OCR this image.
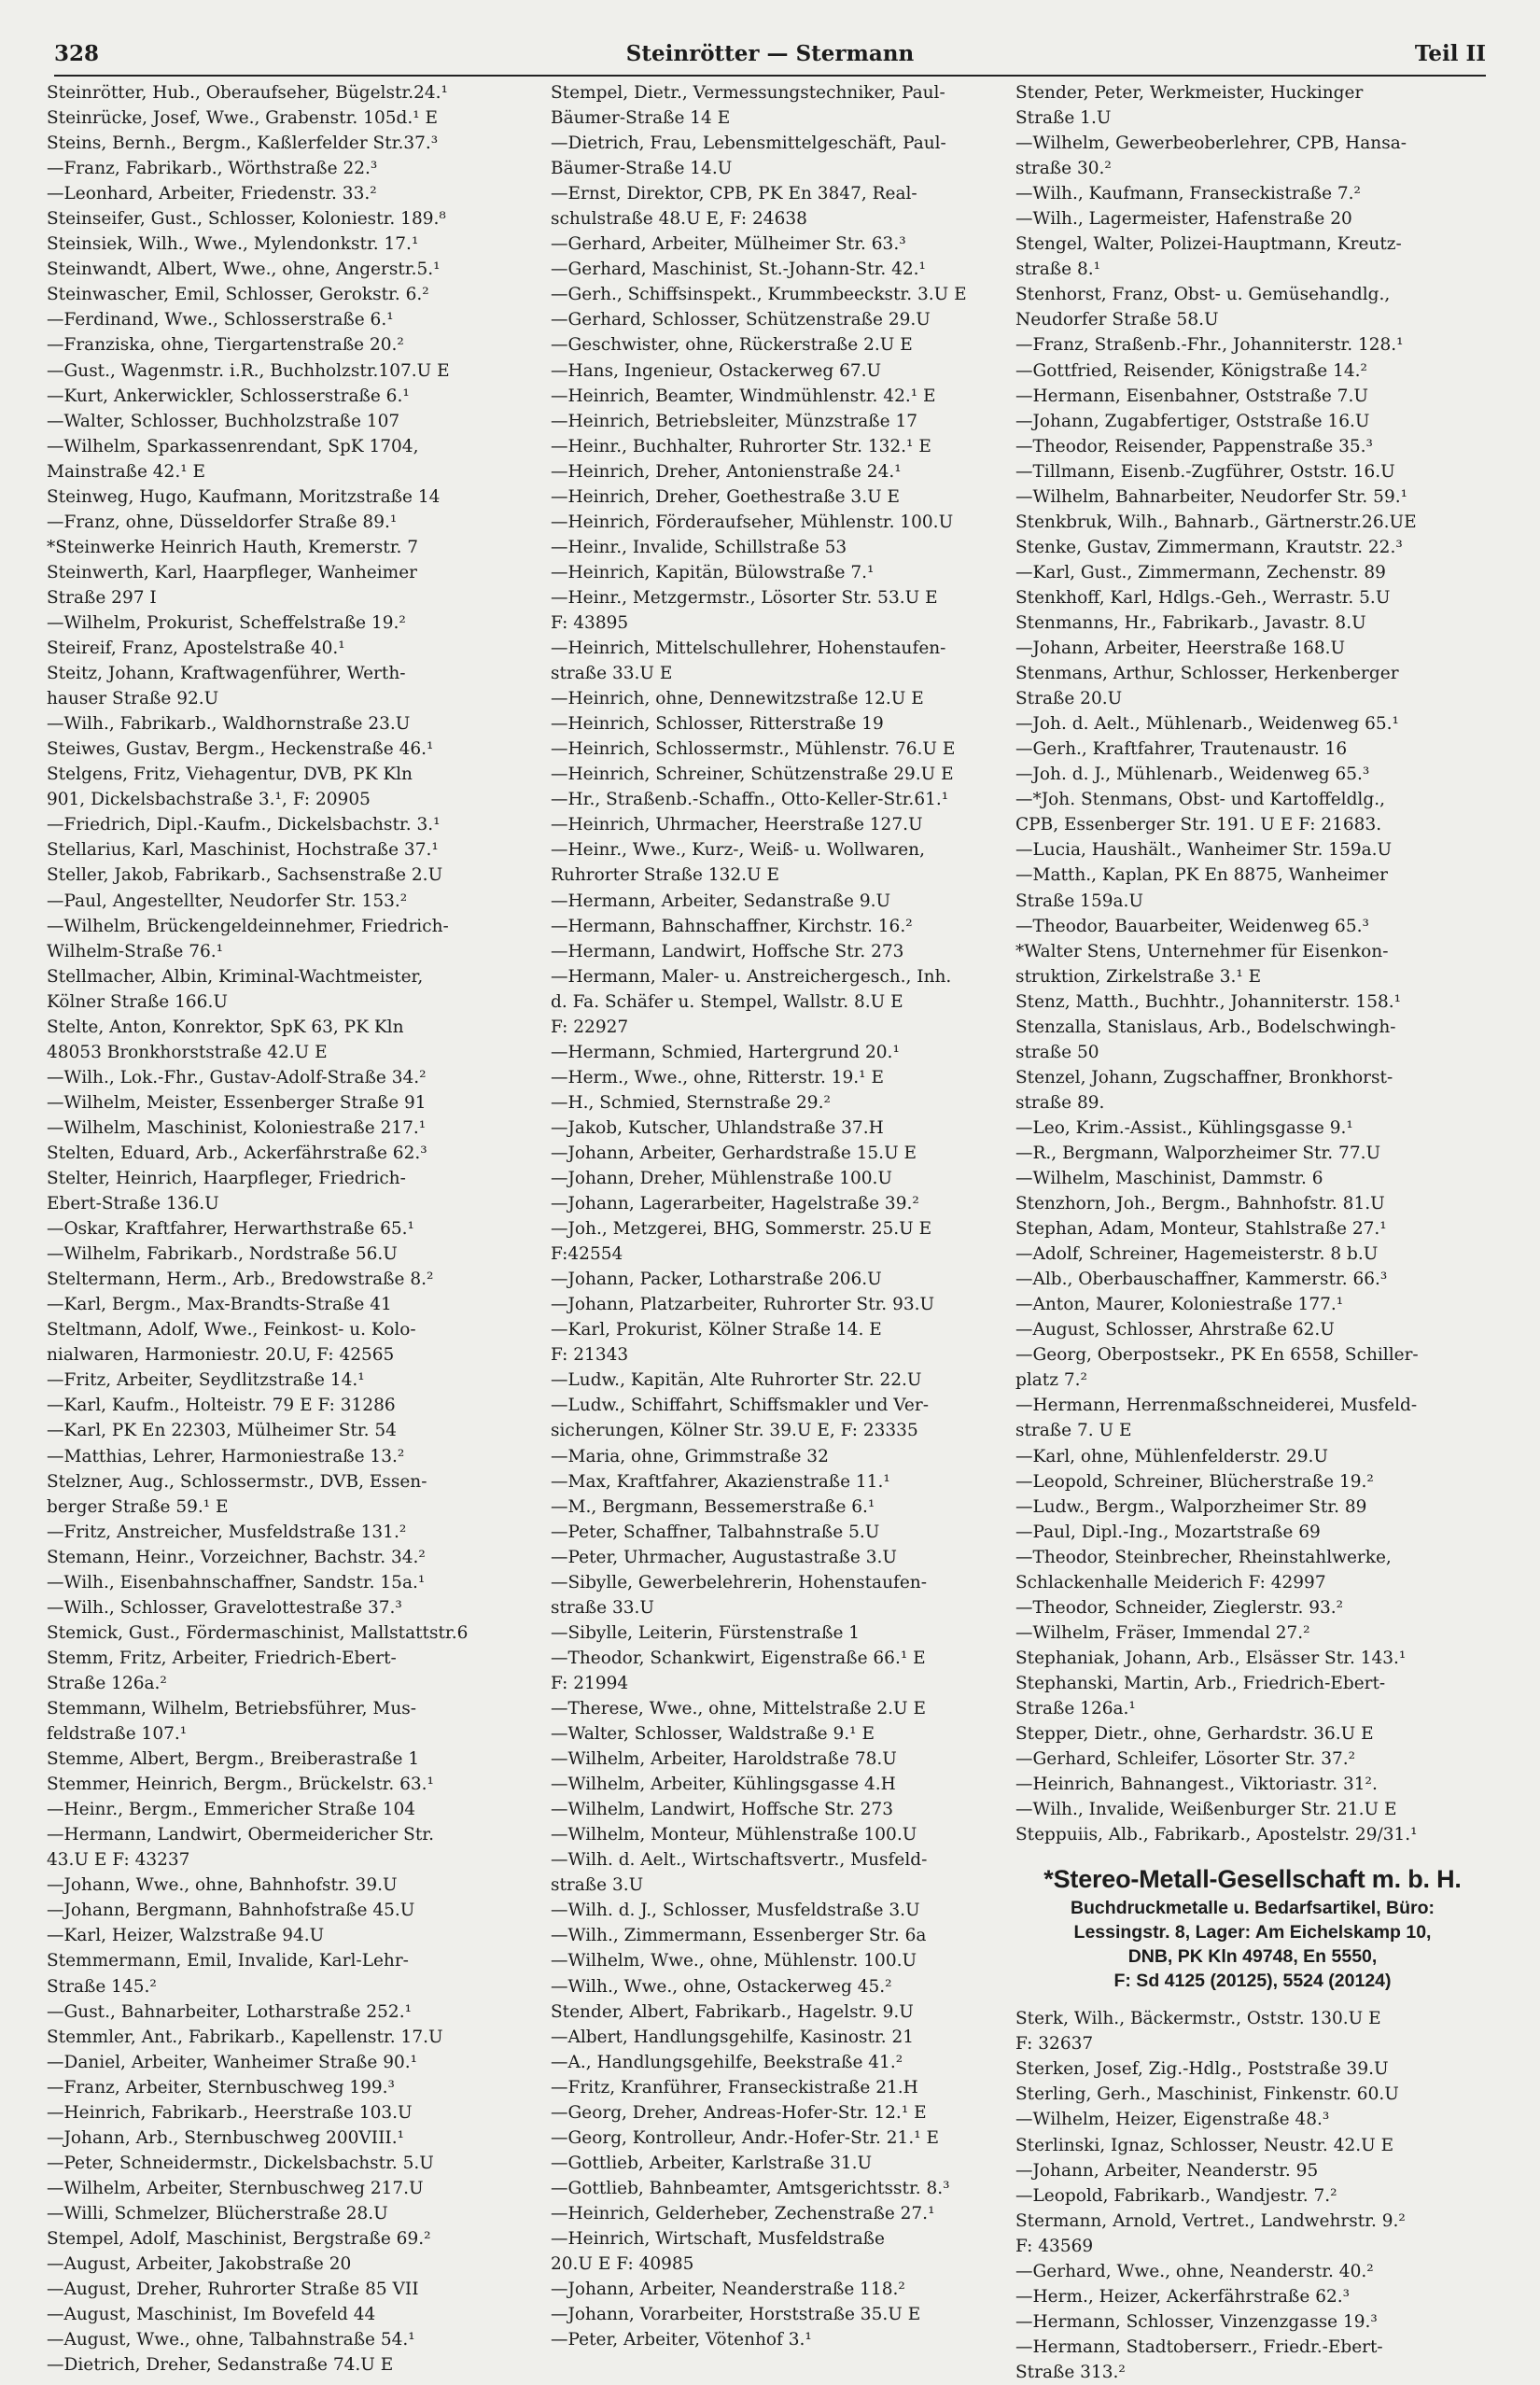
328	Steinrötter — Stermann	Teil II
Steinrötter, Hub., Oberaufseher, Bügelstr.24.¹
Steinrücke, Josef, Wwe., Grabenstr. 105d.¹ E
Steins, Bernh., Bergm., Kaßlerfelder Str.37.³
—Franz, Fabrikarb., Wörthstraße 22.³
—Leonhard, Arbeiter, Friedenstr. 33.²
Steinseifer, Gust., Schlosser, Koloniestr. 189.⁸
Steinsiek, Wilh., Wwe., Mylendonkstr. 17.¹
Steinwandt, Albert, Wwe., ohne, Angerstr.5.¹
Steinwascher, Emil, Schlosser, Gerokstr. 6.²
—Ferdinand, Wwe., Schlosserstraße 6.¹
—Franziska, ohne, Tiergartenstraße 20.²
—Gust., Wagenmstr. i.R., Buchholzstr.107.U E
—Kurt, Ankerwickler, Schlosserstraße 6.¹
—Walter, Schlosser, Buchholzstraße 107
—Wilhelm, Sparkassenrendant, SpK 1704,
Mainstraße 42.¹ E
Steinweg, Hugo, Kaufmann, Moritzstraße 14
—Franz, ohne, Düsseldorfer Straße 89.¹
*Steinwerke Heinrich Hauth, Kremerstr. 7
Steinwerth, Karl, Haarpfleger, Wanheimer
Straße 297 I
—Wilhelm, Prokurist, Scheffelstraße 19.²
Steireif, Franz, Apostelstraße 40.¹
Steitz, Johann, Kraftwagenführer, Werth-
hauser Straße 92.U
—Wilh., Fabrikarb., Waldhornstraße 23.U
Steiwes, Gustav, Bergm., Heckenstraße 46.¹
Stelgens, Fritz, Viehagentur, DVB, PK Kln
901, Dickelsbachstraße 3.¹, F: 20905
—Friedrich, Dipl.-Kaufm., Dickelsbachstr. 3.¹
Stellarius, Karl, Maschinist, Hochstraße 37.¹
Steller, Jakob, Fabrikarb., Sachsenstraße 2.U
—Paul, Angestellter, Neudorfer Str. 153.²
—Wilhelm, Brückengeldeinnehmer, Friedrich-
Wilhelm-Straße 76.¹
Stellmacher, Albin, Kriminal-Wachtmeister,
Kölner Straße 166.U
Stelte, Anton, Konrektor, SpK 63, PK Kln
48053 Bronkhorststraße 42.U E
—Wilh., Lok.-Fhr., Gustav-Adolf-Straße 34.²
—Wilhelm, Meister, Essenberger Straße 91
—Wilhelm, Maschinist, Koloniestraße 217.¹
Stelten, Eduard, Arb., Ackerfährstraße 62.³
Stelter, Heinrich, Haarpfleger, Friedrich-
Ebert-Straße 136.U
—Oskar, Kraftfahrer, Herwarthstraße 65.¹
—Wilhelm, Fabrikarb., Nordstraße 56.U
Steltermann, Herm., Arb., Bredowstraße 8.²
—Karl, Bergm., Max-Brandts-Straße 41
Steltmann, Adolf, Wwe., Feinkost- u. Kolo-
nialwaren, Harmoniestr. 20.U, F: 42565
—Fritz, Arbeiter, Seydlitzstraße 14.¹
—Karl, Kaufm., Holteistr. 79 E F: 31286
—Karl, PK En 22303, Mülheimer Str. 54
—Matthias, Lehrer, Harmoniestraße 13.²
Stelzner, Aug., Schlossermstr., DVB, Essen-
berger Straße 59.¹ E
—Fritz, Anstreicher, Musfeldstraße 131.²
Stemann, Heinr., Vorzeichner, Bachstr. 34.²
—Wilh., Eisenbahnschaffner, Sandstr. 15a.¹
—Wilh., Schlosser, Gravelottestraße 37.³
Stemick, Gust., Fördermaschinist, Mallstattstr.6
Stemm, Fritz, Arbeiter, Friedrich-Ebert-
Straße 126a.²
Stemmann, Wilhelm, Betriebsführer, Mus-
feldstraße 107.¹
Stemme, Albert, Bergm., Breiberastraße 1
Stemmer, Heinrich, Bergm., Brückelstr. 63.¹
—Heinr., Bergm., Emmericher Straße 104
—Hermann, Landwirt, Obermeidericher Str.
43.U E F: 43237
—Johann, Wwe., ohne, Bahnhofstr. 39.U
—Johann, Bergmann, Bahnhofstraße 45.U
—Karl, Heizer, Walzstraße 94.U
Stemmermann, Emil, Invalide, Karl-Lehr-
Straße 145.²
—Gust., Bahnarbeiter, Lotharstraße 252.¹
Stemmler, Ant., Fabrikarb., Kapellenstr. 17.U
—Daniel, Arbeiter, Wanheimer Straße 90.¹
—Franz, Arbeiter, Sternbuschweg 199.³
—Heinrich, Fabrikarb., Heerstraße 103.U
—Johann, Arb., Sternbuschweg 200VIII.¹
—Peter, Schneidermstr., Dickelsbachstr. 5.U
—Wilhelm, Arbeiter, Sternbuschweg 217.U
—Willi, Schmelzer, Blücherstraße 28.U
Stempel, Adolf, Maschinist, Bergstraße 69.²
—August, Arbeiter, Jakobstraße 20
—August, Dreher, Ruhrorter Straße 85 VII
—August, Maschinist, Im Bovefeld 44
—August, Wwe., ohne, Talbahnstraße 54.¹
—Dietrich, Dreher, Sedanstraße 74.U E
Stempel, Dietr., Vermessungstechniker, Paul-
Bäumer-Straße 14 E
—Dietrich, Frau, Lebensmittelgeschäft, Paul-
Bäumer-Straße 14.U
—Ernst, Direktor, CPB, PK En 3847, Real-
schulstraße 48.U E, F: 24638
—Gerhard, Arbeiter, Mülheimer Str. 63.³
—Gerhard, Maschinist, St.-Johann-Str. 42.¹
—Gerh., Schiffsinspekt., Krummbeeckstr. 3.U E
—Gerhard, Schlosser, Schützenstraße 29.U
—Geschwister, ohne, Rückerstraße 2.U E
—Hans, Ingenieur, Ostackerweg 67.U
—Heinrich, Beamter, Windmühlenstr. 42.¹ E
—Heinrich, Betriebsleiter, Münzstraße 17
—Heinr., Buchhalter, Ruhrorter Str. 132.¹ E
—Heinrich, Dreher, Antonienstraße 24.¹
—Heinrich, Dreher, Goethestraße 3.U E
—Heinrich, Förderaufseher, Mühlenstr. 100.U
—Heinr., Invalide, Schillstraße 53
—Heinrich, Kapitän, Bülowstraße 7.¹
—Heinr., Metzgermstr., Lösorter Str. 53.U E
F: 43895
—Heinrich, Mittelschullehrer, Hohenstaufen-
straße 33.U E
—Heinrich, ohne, Dennewitzstraße 12.U E
—Heinrich, Schlosser, Ritterstraße 19
—Heinrich, Schlossermstr., Mühlenstr. 76.U E
—Heinrich, Schreiner, Schützenstraße 29.U E
—Hr., Straßenb.-Schaffn., Otto-Keller-Str.61.¹
—Heinrich, Uhrmacher, Heerstraße 127.U
—Heinr., Wwe., Kurz-, Weiß- u. Wollwaren,
Ruhrorter Straße 132.U E
—Hermann, Arbeiter, Sedanstraße 9.U
—Hermann, Bahnschaffner, Kirchstr. 16.²
—Hermann, Landwirt, Hoffsche Str. 273
—Hermann, Maler- u. Anstreichergesch., Inh.
d. Fa. Schäfer u. Stempel, Wallstr. 8.U E
F: 22927
—Hermann, Schmied, Hartergrund 20.¹
—Herm., Wwe., ohne, Ritterstr. 19.¹ E
—H., Schmied, Sternstraße 29.²
—Jakob, Kutscher, Uhlandstraße 37.H
—Johann, Arbeiter, Gerhardstraße 15.U E
—Johann, Dreher, Mühlenstraße 100.U
—Johann, Lagerarbeiter, Hagelstraße 39.²
—Joh., Metzgerei, BHG, Sommerstr. 25.U E
F:42554
—Johann, Packer, Lotharstraße 206.U
—Johann, Platzarbeiter, Ruhrorter Str. 93.U
—Karl, Prokurist, Kölner Straße 14. E
F: 21343
—Ludw., Kapitän, Alte Ruhrorter Str. 22.U
—Ludw., Schiffahrt, Schiffsmakler und Ver-
sicherungen, Kölner Str. 39.U E, F: 23335
—Maria, ohne, Grimmstraße 32
—Max, Kraftfahrer, Akazienstraße 11.¹
—M., Bergmann, Bessemerstraße 6.¹
—Peter, Schaffner, Talbahnstraße 5.U
—Peter, Uhrmacher, Augustastraße 3.U
—Sibylle, Gewerbelehrerin, Hohenstaufen-
straße 33.U
—Sibylle, Leiterin, Fürstenstraße 1
—Theodor, Schankwirt, Eigenstraße 66.¹ E
F: 21994
—Therese, Wwe., ohne, Mittelstraße 2.U E
—Walter, Schlosser, Waldstraße 9.¹ E
—Wilhelm, Arbeiter, Haroldstraße 78.U
—Wilhelm, Arbeiter, Kühlingsgasse 4.H
—Wilhelm, Landwirt, Hoffsche Str. 273
—Wilhelm, Monteur, Mühlenstraße 100.U
—Wilh. d. Aelt., Wirtschaftsvertr., Musfeld-
straße 3.U
—Wilh. d. J., Schlosser, Musfeldstraße 3.U
—Wilh., Zimmermann, Essenberger Str. 6a
—Wilhelm, Wwe., ohne, Mühlenstr. 100.U
—Wilh., Wwe., ohne, Ostackerweg 45.²
Stender, Albert, Fabrikarb., Hagelstr. 9.U
—Albert, Handlungsgehilfe, Kasinostr. 21
—A., Handlungsgehilfe, Beekstraße 41.²
—Fritz, Kranführer, Franseckistraße 21.H
—Georg, Dreher, Andreas-Hofer-Str. 12.¹ E
—Georg, Kontrolleur, Andr.-Hofer-Str. 21.¹ E
—Gottlieb, Arbeiter, Karlstraße 31.U
—Gottlieb, Bahnbeamter, Amtsgerichtsstr. 8.³
—Heinrich, Gelderheber, Zechenstraße 27.¹
—Heinrich, Wirtschaft, Musfeldstraße
20.U E F: 40985
—Johann, Arbeiter, Neanderstraße 118.²
—Johann, Vorarbeiter, Horststraße 35.U E
—Peter, Arbeiter, Vötenhof 3.¹
Stender, Peter, Werkmeister, Huckinger
Straße 1.U
—Wilhelm, Gewerbeoberlehrer, CPB, Hansa-
straße 30.²
—Wilh., Kaufmann, Franseckistraße 7.²
—Wilh., Lagermeister, Hafenstraße 20
Stengel, Walter, Polizei-Hauptmann, Kreutz-
straße 8.¹
Stenhorst, Franz, Obst- u. Gemüsehandlg.,
Neudorfer Straße 58.U
—Franz, Straßenb.-Fhr., Johanniterstr. 128.¹
—Gottfried, Reisender, Königstraße 14.²
—Hermann, Eisenbahner, Oststraße 7.U
—Johann, Zugabfertiger, Oststraße 16.U
—Theodor, Reisender, Pappenstraße 35.³
—Tillmann, Eisenb.-Zugführer, Oststr. 16.U
—Wilhelm, Bahnarbeiter, Neudorfer Str. 59.¹
Stenkbruk, Wilh., Bahnarb., Gärtnerstr.26.UE
Stenke, Gustav, Zimmermann, Krautstr. 22.³
—Karl, Gust., Zimmermann, Zechenstr. 89
Stenkhoff, Karl, Hdlgs.-Geh., Werrastr. 5.U
Stenmanns, Hr., Fabrikarb., Javastr. 8.U
—Johann, Arbeiter, Heerstraße 168.U
Stenmans, Arthur, Schlosser, Herkenberger
Straße 20.U
—Joh. d. Aelt., Mühlenarb., Weidenweg 65.¹
—Gerh., Kraftfahrer, Trautenaustr. 16
—Joh. d. J., Mühlenarb., Weidenweg 65.³
—*Joh. Stenmans, Obst- und Kartoffeldlg.,
CPB, Essenberger Str. 191. U E F: 21683.
—Lucia, Haushält., Wanheimer Str. 159a.U
—Matth., Kaplan, PK En 8875, Wanheimer
Straße 159a.U
—Theodor, Bauarbeiter, Weidenweg 65.³
*Walter Stens, Unternehmer für Eisenkon-
struktion, Zirkelstraße 3.¹ E
Stenz, Matth., Buchhtr., Johanniterstr. 158.¹
Stenzalla, Stanislaus, Arb., Bodelschwingh-
straße 50
Stenzel, Johann, Zugschaffner, Bronkhorst-
straße 89.
—Leo, Krim.-Assist., Kühlingsgasse 9.¹
—R., Bergmann, Walporzheimer Str. 77.U
—Wilhelm, Maschinist, Dammstr. 6
Stenzhorn, Joh., Bergm., Bahnhofstr. 81.U
Stephan, Adam, Monteur, Stahlstraße 27.¹
—Adolf, Schreiner, Hagemeisterstr. 8 b.U
—Alb., Oberbauschaffner, Kammerstr. 66.³
—Anton, Maurer, Koloniestraße 177.¹
—August, Schlosser, Ahrstraße 62.U
—Georg, Oberpostsekr., PK En 6558, Schiller-
platz 7.²
—Hermann, Herrenmaßschneiderei, Musfeld-
straße 7. U E
—Karl, ohne, Mühlenfelderstr. 29.U
—Leopold, Schreiner, Blücherstraße 19.²
—Ludw., Bergm., Walporzheimer Str. 89
—Paul, Dipl.-Ing., Mozartstraße 69
—Theodor, Steinbrecher, Rheinstahlwerke,
Schlackenhalle Meiderich F: 42997
—Theodor, Schneider, Zieglerstr. 93.²
—Wilhelm, Fräser, Immendal 27.²
Stephaniak, Johann, Arb., Elsässer Str. 143.¹
Stephanski, Martin, Arb., Friedrich-Ebert-
Straße 126a.¹
Stepper, Dietr., ohne, Gerhardstr. 36.U E
—Gerhard, Schleifer, Lösorter Str. 37.²
—Heinrich, Bahnangest., Viktoriastr. 31².
—Wilh., Invalide, Weißenburger Str. 21.U E
Steppuiis, Alb., Fabrikarb., Apostelstr. 29/31.¹
*Stereo-Metall-Gesellschaft m. b. H.
Buchdruckmetalle u. Bedarfsartikel, Büro:
Lessingstr. 8, Lager: Am Eichelskamp 10,
DNB, PK Kln 49748, En 5550,
F: Sd 4125 (20125), 5524 (20124)
Sterk, Wilh., Bäckermstr., Oststr. 130.U E
F: 32637
Sterken, Josef, Zig.-Hdlg., Poststraße 39.U
Sterling, Gerh., Maschinist, Finkenstr. 60.U
—Wilhelm, Heizer, Eigenstraße 48.³
Sterlinski, Ignaz, Schlosser, Neustr. 42.U E
—Johann, Arbeiter, Neanderstr. 95
—Leopold, Fabrikarb., Wandjestr. 7.²
Stermann, Arnold, Vertret., Landwehrstr. 9.²
F: 43569
—Gerhard, Wwe., ohne, Neanderstr. 40.²
—Herm., Heizer, Ackerfährstraße 62.³
—Hermann, Schlosser, Vinzenzgasse 19.³
—Hermann, Stadtoberserr., Friedr.-Ebert-
Straße 313.²
